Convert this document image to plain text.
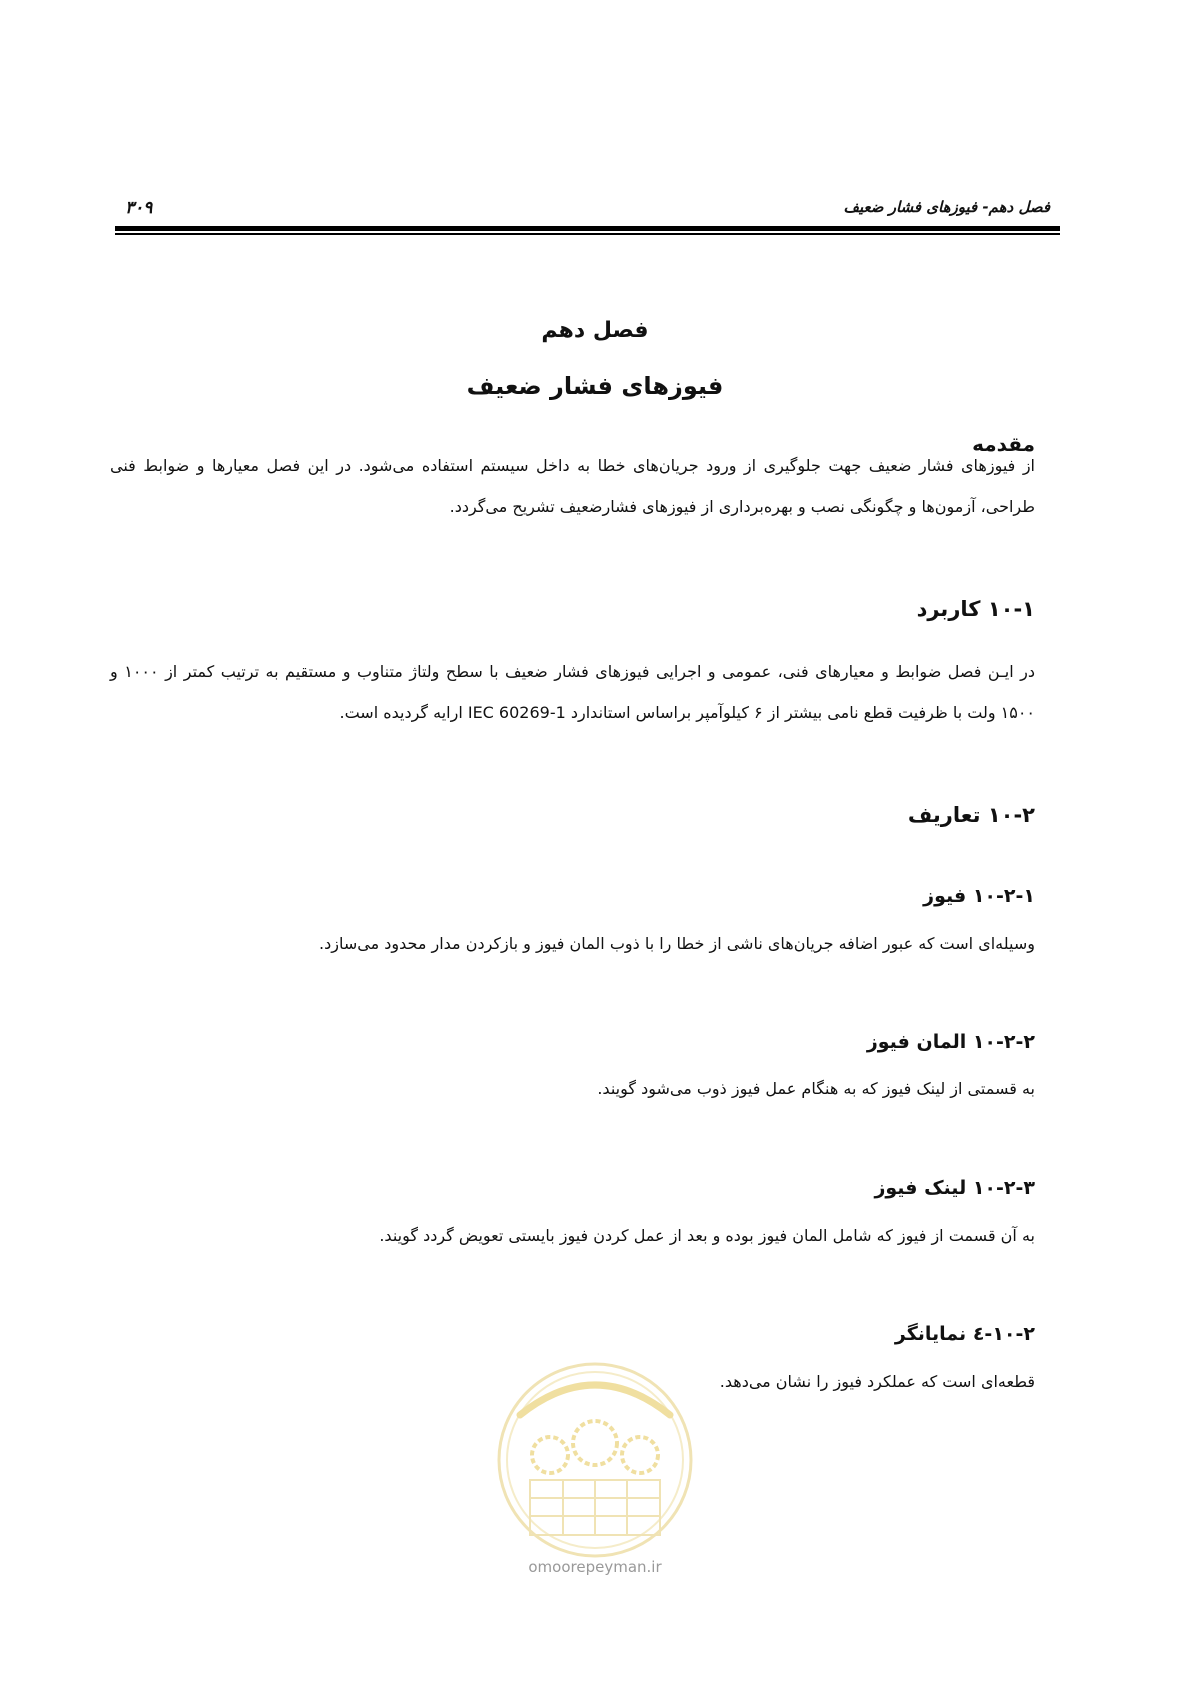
۳۰۹	فصل دهم- فیوزهای فشار ضعیف
فصل دهم
فیوزهای فشار ضعیف
مقدمه
از فیوزهای فشار ضعیف جهت جلوگیری از ورود جریان‌های خطا به داخل سیستم استفاده می‌شود. در این فصل معیارها و ضوابط فنی طراحی، آزمون‌ها و چگونگی نصب و بهره‌برداری از فیوزهای فشارضعیف تشریح می‌گردد.
۱۰-۱ کاربرد
در ایـن فصل ضوابط و معیارهای فنی، عمومی و اجرایی فیوزهای فشار ضعیف با سطح ولتاژ متناوب و مستقیم به ترتیب کمتر از ۱۰۰۰ و ۱۵۰۰ ولت با ظرفیت قطع نامی بیشتر از ۶ کیلوآمپر براساس استاندارد IEC 60269-1 ارایه گردیده است.
۱۰-۲ تعاریف
۱۰-۲-۱ فیوز
وسیله‌ای است که عبور اضافه جریان‌های ناشی از خطا را با ذوب المان فیوز و بازکردن مدار محدود می‌سازد.
۱۰-۲-۲ المان فیوز
به قسمتی از لینک فیوز که به هنگام عمل فیوز ذوب می‌شود گویند.
۱۰-۲-۳ لینک فیوز
به آن قسمت از فیوز که شامل المان فیوز بوده و بعد از عمل کردن فیوز بایستی تعویض گردد گویند.
۱۰-۲-٤ نمایانگر
قطعه‌ای است که عملکرد فیوز را نشان می‌دهد.
omoorepeyman.ir
